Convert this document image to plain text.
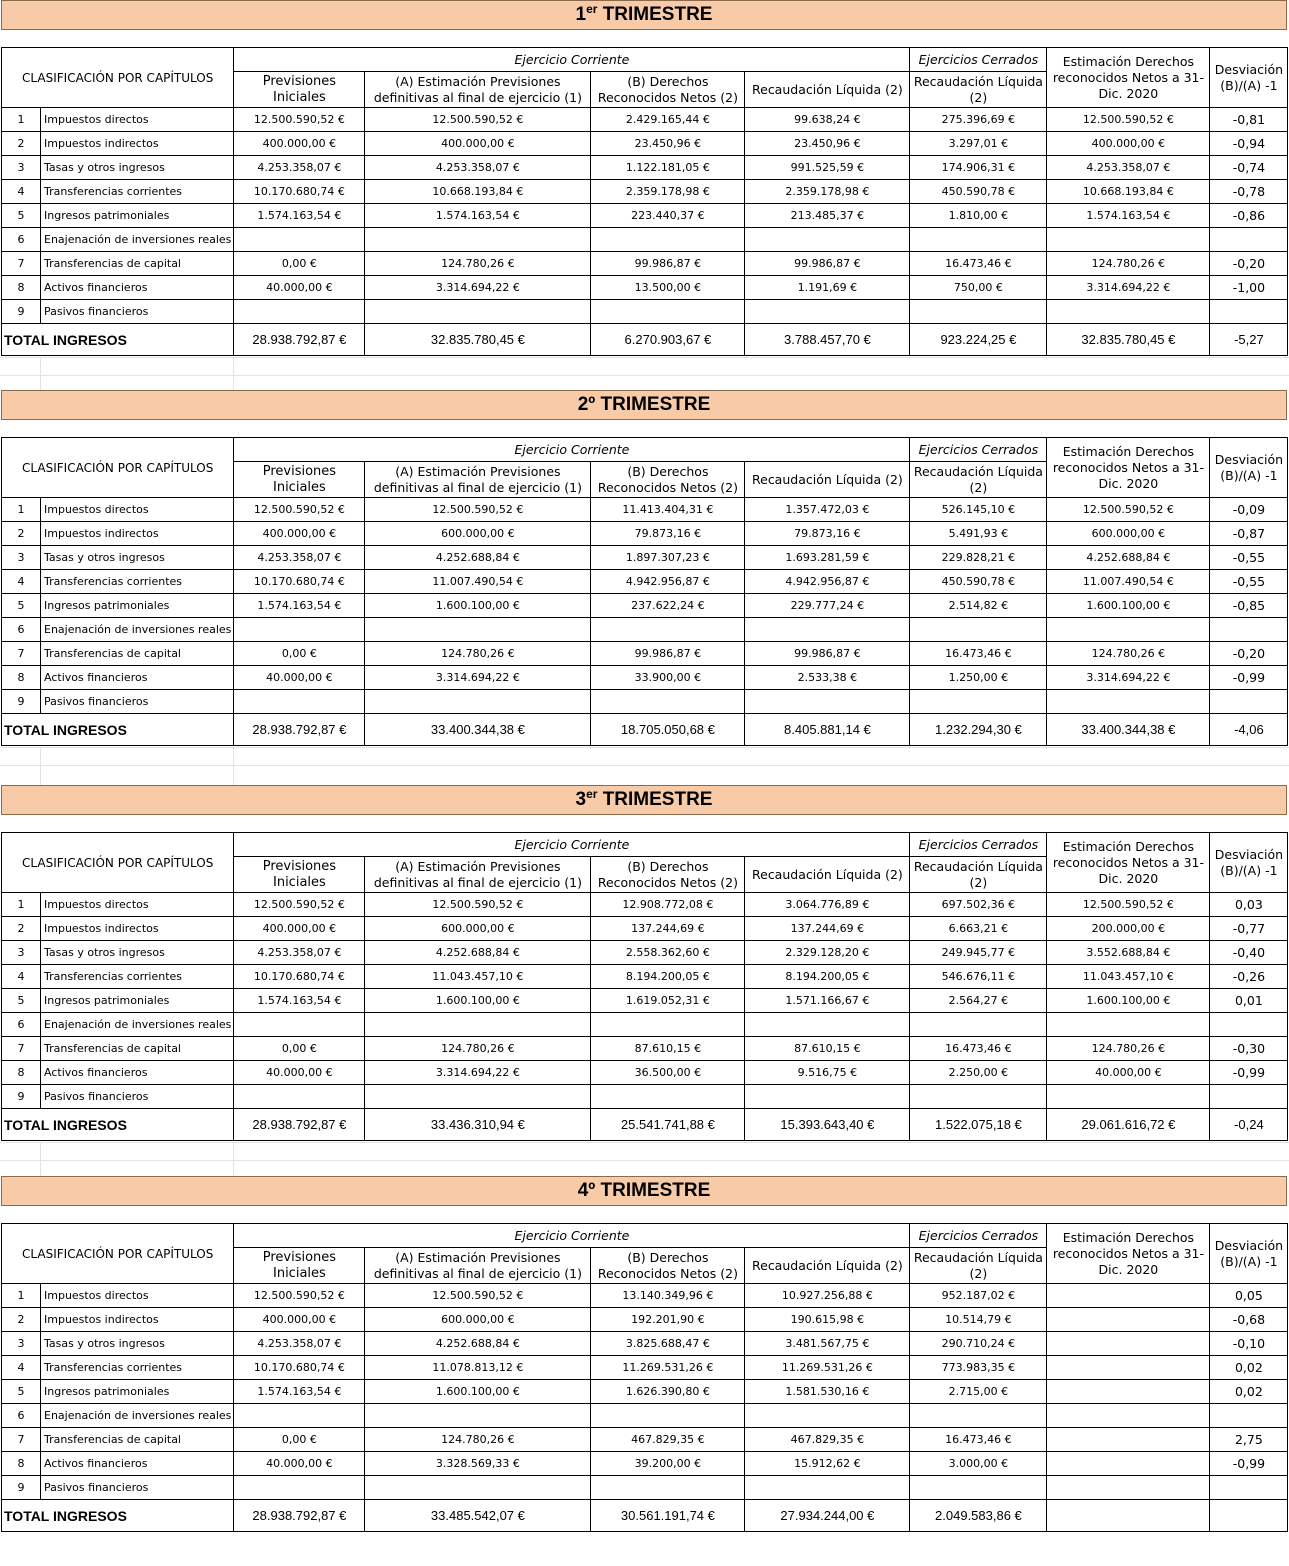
1er TRIMESTRE
CLASIFICACIÓN POR CAPÍTULOS		Ejercicio Corriente				Ejercicios Cerrados	Estimación Derechos reconocidos Netos a 31-Dic. 2020	Desviación (B)/(A) -1
		Previsiones Iniciales	(A) Estimación Previsiones definitivas al final de ejercicio (1)	(B) Derechos Reconocidos Netos (2)	Recaudación Líquida (2)	Recaudación Líquida (2)		
1	Impuestos directos	12.500.590,52 €	12.500.590,52 €	2.429.165,44 €	99.638,24 €	275.396,69 €	12.500.590,52 €	-0,81
2	Impuestos indirectos	400.000,00 €	400.000,00 €	23.450,96 €	23.450,96 €	3.297,01 €	400.000,00 €	-0,94
3	Tasas y otros ingresos	4.253.358,07 €	4.253.358,07 €	1.122.181,05 €	991.525,59 €	174.906,31 €	4.253.358,07 €	-0,74
4	Transferencias corrientes	10.170.680,74 €	10.668.193,84 €	2.359.178,98 €	2.359.178,98 €	450.590,78 €	10.668.193,84 €	-0,78
5	Ingresos patrimoniales	1.574.163,54 €	1.574.163,54 €	223.440,37 €	213.485,37 €	1.810,00 €	1.574.163,54 €	-0,86
6	Enajenación de inversiones reales							
7	Transferencias de capital	0,00 €	124.780,26 €	99.986,87 €	99.986,87 €	16.473,46 €	124.780,26 €	-0,20
8	Activos financieros	40.000,00 €	3.314.694,22 €	13.500,00 €	1.191,69 €	750,00 €	3.314.694,22 €	-1,00
9	Pasivos financieros							
TOTAL INGRESOS		28.938.792,87 €	32.835.780,45 €	6.270.903,67 €	3.788.457,70 €	923.224,25 €	32.835.780,45 €	-5,27
2º TRIMESTRE
CLASIFICACIÓN POR CAPÍTULOS		Ejercicio Corriente				Ejercicios Cerrados	Estimación Derechos reconocidos Netos a 31-Dic. 2020	Desviación (B)/(A) -1
		Previsiones Iniciales	(A) Estimación Previsiones definitivas al final de ejercicio (1)	(B) Derechos Reconocidos Netos (2)	Recaudación Líquida (2)	Recaudación Líquida (2)		
1	Impuestos directos	12.500.590,52 €	12.500.590,52 €	11.413.404,31 €	1.357.472,03 €	526.145,10 €	12.500.590,52 €	-0,09
2	Impuestos indirectos	400.000,00 €	600.000,00 €	79.873,16 €	79.873,16 €	5.491,93 €	600.000,00 €	-0,87
3	Tasas y otros ingresos	4.253.358,07 €	4.252.688,84 €	1.897.307,23 €	1.693.281,59 €	229.828,21 €	4.252.688,84 €	-0,55
4	Transferencias corrientes	10.170.680,74 €	11.007.490,54 €	4.942.956,87 €	4.942.956,87 €	450.590,78 €	11.007.490,54 €	-0,55
5	Ingresos patrimoniales	1.574.163,54 €	1.600.100,00 €	237.622,24 €	229.777,24 €	2.514,82 €	1.600.100,00 €	-0,85
6	Enajenación de inversiones reales							
7	Transferencias de capital	0,00 €	124.780,26 €	99.986,87 €	99.986,87 €	16.473,46 €	124.780,26 €	-0,20
8	Activos financieros	40.000,00 €	3.314.694,22 €	33.900,00 €	2.533,38 €	1.250,00 €	3.314.694,22 €	-0,99
9	Pasivos financieros							
TOTAL INGRESOS		28.938.792,87 €	33.400.344,38 €	18.705.050,68 €	8.405.881,14 €	1.232.294,30 €	33.400.344,38 €	-4,06
3er TRIMESTRE
CLASIFICACIÓN POR CAPÍTULOS		Ejercicio Corriente				Ejercicios Cerrados	Estimación Derechos reconocidos Netos a 31-Dic. 2020	Desviación (B)/(A) -1
		Previsiones Iniciales	(A) Estimación Previsiones definitivas al final de ejercicio (1)	(B) Derechos Reconocidos Netos (2)	Recaudación Líquida (2)	Recaudación Líquida (2)		
1	Impuestos directos	12.500.590,52 €	12.500.590,52 €	12.908.772,08 €	3.064.776,89 €	697.502,36 €	12.500.590,52 €	0,03
2	Impuestos indirectos	400.000,00 €	600.000,00 €	137.244,69 €	137.244,69 €	6.663,21 €	200.000,00 €	-0,77
3	Tasas y otros ingresos	4.253.358,07 €	4.252.688,84 €	2.558.362,60 €	2.329.128,20 €	249.945,77 €	3.552.688,84 €	-0,40
4	Transferencias corrientes	10.170.680,74 €	11.043.457,10 €	8.194.200,05 €	8.194.200,05 €	546.676,11 €	11.043.457,10 €	-0,26
5	Ingresos patrimoniales	1.574.163,54 €	1.600.100,00 €	1.619.052,31 €	1.571.166,67 €	2.564,27 €	1.600.100,00 €	0,01
6	Enajenación de inversiones reales							
7	Transferencias de capital	0,00 €	124.780,26 €	87.610,15 €	87.610,15 €	16.473,46 €	124.780,26 €	-0,30
8	Activos financieros	40.000,00 €	3.314.694,22 €	36.500,00 €	9.516,75 €	2.250,00 €	40.000,00 €	-0,99
9	Pasivos financieros							
TOTAL INGRESOS		28.938.792,87 €	33.436.310,94 €	25.541.741,88 €	15.393.643,40 €	1.522.075,18 €	29.061.616,72 €	-0,24
4º TRIMESTRE
CLASIFICACIÓN POR CAPÍTULOS		Ejercicio Corriente				Ejercicios Cerrados	Estimación Derechos reconocidos Netos a 31-Dic. 2020	Desviación (B)/(A) -1
		Previsiones Iniciales	(A) Estimación Previsiones definitivas al final de ejercicio (1)	(B) Derechos Reconocidos Netos (2)	Recaudación Líquida (2)	Recaudación Líquida (2)		
1	Impuestos directos	12.500.590,52 €	12.500.590,52 €	13.140.349,96 €	10.927.256,88 €	952.187,02 €		0,05
2	Impuestos indirectos	400.000,00 €	600.000,00 €	192.201,90 €	190.615,98 €	10.514,79 €		-0,68
3	Tasas y otros ingresos	4.253.358,07 €	4.252.688,84 €	3.825.688,47 €	3.481.567,75 €	290.710,24 €		-0,10
4	Transferencias corrientes	10.170.680,74 €	11.078.813,12 €	11.269.531,26 €	11.269.531,26 €	773.983,35 €		0,02
5	Ingresos patrimoniales	1.574.163,54 €	1.600.100,00 €	1.626.390,80 €	1.581.530,16 €	2.715,00 €		0,02
6	Enajenación de inversiones reales							
7	Transferencias de capital	0,00 €	124.780,26 €	467.829,35 €	467.829,35 €	16.473,46 €		2,75
8	Activos financieros	40.000,00 €	3.328.569,33 €	39.200,00 €	15.912,62 €	3.000,00 €		-0,99
9	Pasivos financieros							
TOTAL INGRESOS		28.938.792,87 €	33.485.542,07 €	30.561.191,74 €	27.934.244,00 €	2.049.583,86 €		
